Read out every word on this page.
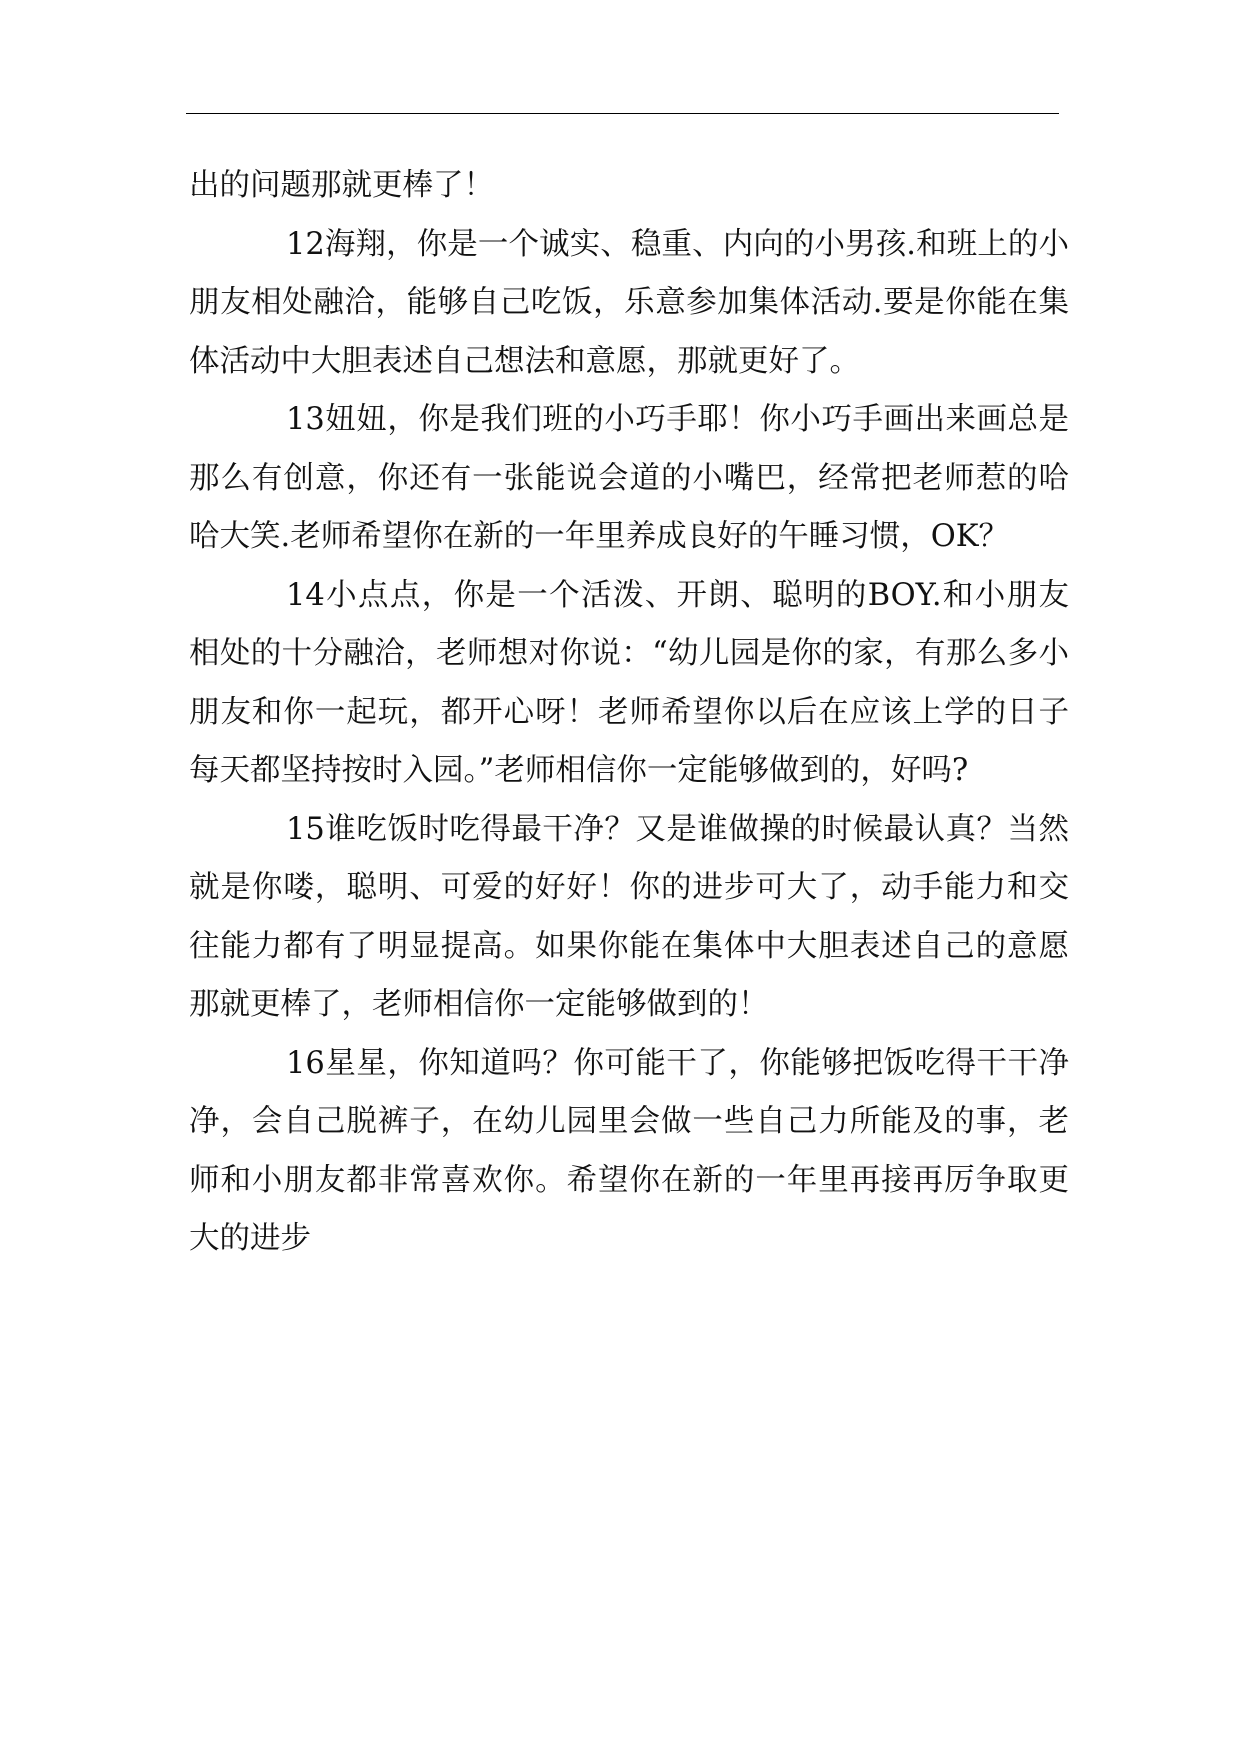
出的问题那就更棒了！

12海翔，你是一个诚实、稳重、内向的小男孩.和班上的小朋友相处融洽，能够自己吃饭，乐意参加集体活动.要是你能在集体活动中大胆表述自己想法和意愿，那就更好了。

13妞妞，你是我们班的小巧手耶！你小巧手画出来画总是那么有创意，你还有一张能说会道的小嘴巴，经常把老师惹的哈哈大笑.老师希望你在新的一年里养成良好的午睡习惯，OK？

14小点点，你是一个活泼、开朗、聪明的BOY.和小朋友相处的十分融洽，老师想对你说：“幼儿园是你的家，有那么多小朋友和你一起玩，都开心呀！老师希望你以后在应该上学的日子每天都坚持按时入园。”老师相信你一定能够做到的，好吗?

15谁吃饭时吃得最干净？又是谁做操的时候最认真？当然就是你喽，聪明、可爱的好好！你的进步可大了，动手能力和交往能力都有了明显提高。如果你能在集体中大胆表述自己的意愿那就更棒了，老师相信你一定能够做到的！

16星星，你知道吗？你可能干了，你能够把饭吃得干干净净，会自己脱裤子，在幼儿园里会做一些自己力所能及的事，老师和小朋友都非常喜欢你。希望你在新的一年里再接再厉争取更大的进步
